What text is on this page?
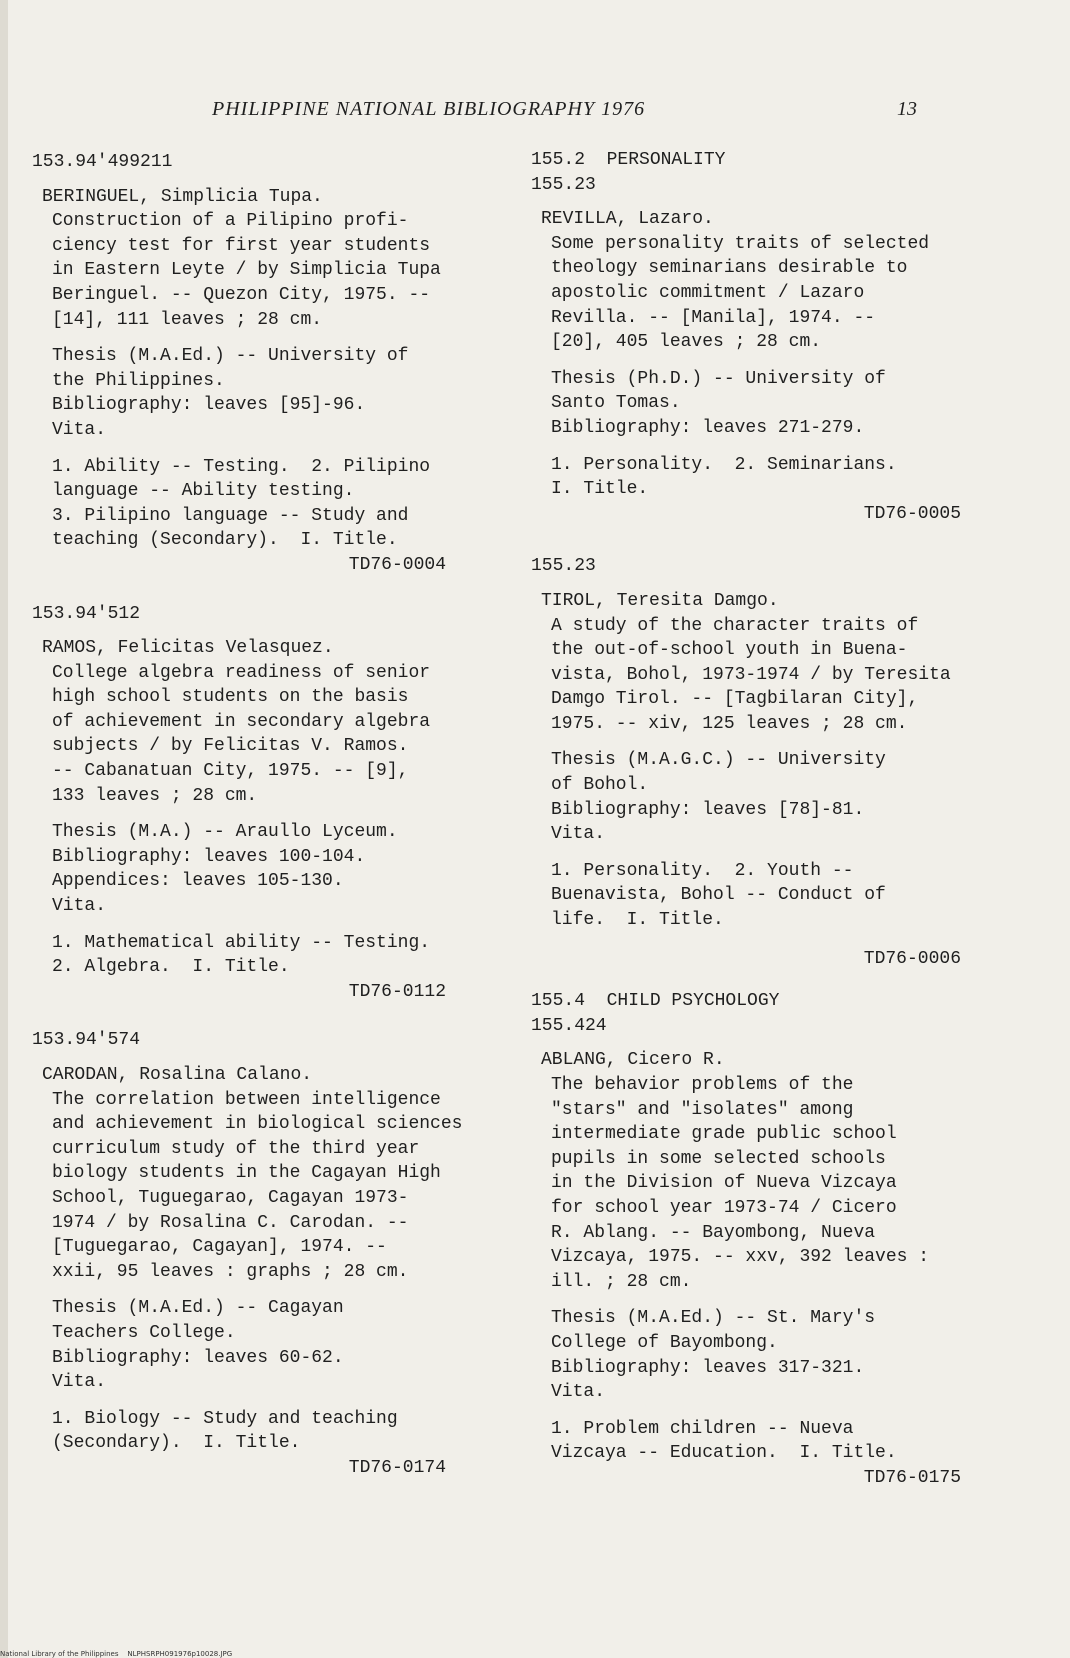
PHILIPPINE NATIONAL BIBLIOGRAPHY 1976	13
153.94'499211
BERINGUEL, Simplicia Tupa.
Construction of a Pilipino profi-
ciency test for first year students
in Eastern Leyte / by Simplicia Tupa
Beringuel. -- Quezon City, 1975. --
[14], 111 leaves ; 28 cm.
Thesis (M.A.Ed.) -- University of
the Philippines.
Bibliography: leaves [95]-96.
Vita.
1. Ability -- Testing.  2. Pilipino
language -- Ability testing.
3. Pilipino language -- Study and
teaching (Secondary).  I. Title.
TD76-0004
153.94'512
RAMOS, Felicitas Velasquez.
College algebra readiness of senior
high school students on the basis
of achievement in secondary algebra
subjects / by Felicitas V. Ramos.
-- Cabanatuan City, 1975. -- [9],
133 leaves ; 28 cm.
Thesis (M.A.) -- Araullo Lyceum.
Bibliography: leaves 100-104.
Appendices: leaves 105-130.
Vita.
1. Mathematical ability -- Testing.
2. Algebra.  I. Title.
TD76-0112
153.94'574
CARODAN, Rosalina Calano.
The correlation between intelligence
and achievement in biological sciences
curriculum study of the third year
biology students in the Cagayan High
School, Tuguegarao, Cagayan 1973-
1974 / by Rosalina C. Carodan. --
[Tuguegarao, Cagayan], 1974. --
xxii, 95 leaves : graphs ; 28 cm.
Thesis (M.A.Ed.) -- Cagayan
Teachers College.
Bibliography: leaves 60-62.
Vita.
1. Biology -- Study and teaching
(Secondary).  I. Title.
TD76-0174
155.2  PERSONALITY
155.23
REVILLA, Lazaro.
Some personality traits of selected
theology seminarians desirable to
apostolic commitment / Lazaro
Revilla. -- [Manila], 1974. --
[20], 405 leaves ; 28 cm.
Thesis (Ph.D.) -- University of
Santo Tomas.
Bibliography: leaves 271-279.
1. Personality.  2. Seminarians.
I. Title.
TD76-0005
155.23
TIROL, Teresita Damgo.
A study of the character traits of
the out-of-school youth in Buena-
vista, Bohol, 1973-1974 / by Teresita
Damgo Tirol. -- [Tagbilaran City],
1975. -- xiv, 125 leaves ; 28 cm.
Thesis (M.A.G.C.) -- University
of Bohol.
Bibliography: leaves [78]-81.
Vita.
1. Personality.  2. Youth --
Buenavista, Bohol -- Conduct of
life.  I. Title.
TD76-0006
155.4  CHILD PSYCHOLOGY
155.424
ABLANG, Cicero R.
The behavior problems of the
"stars" and "isolates" among
intermediate grade public school
pupils in some selected schools
in the Division of Nueva Vizcaya
for school year 1973-74 / Cicero
R. Ablang. -- Bayombong, Nueva
Vizcaya, 1975. -- xxv, 392 leaves :
ill. ; 28 cm.
Thesis (M.A.Ed.) -- St. Mary's
College of Bayombong.
Bibliography: leaves 317-321.
Vita.
1. Problem children -- Nueva
Vizcaya -- Education.  I. Title.
TD76-0175
National Library of the Philippines    NLPHSRPH091976p10028.JPG
